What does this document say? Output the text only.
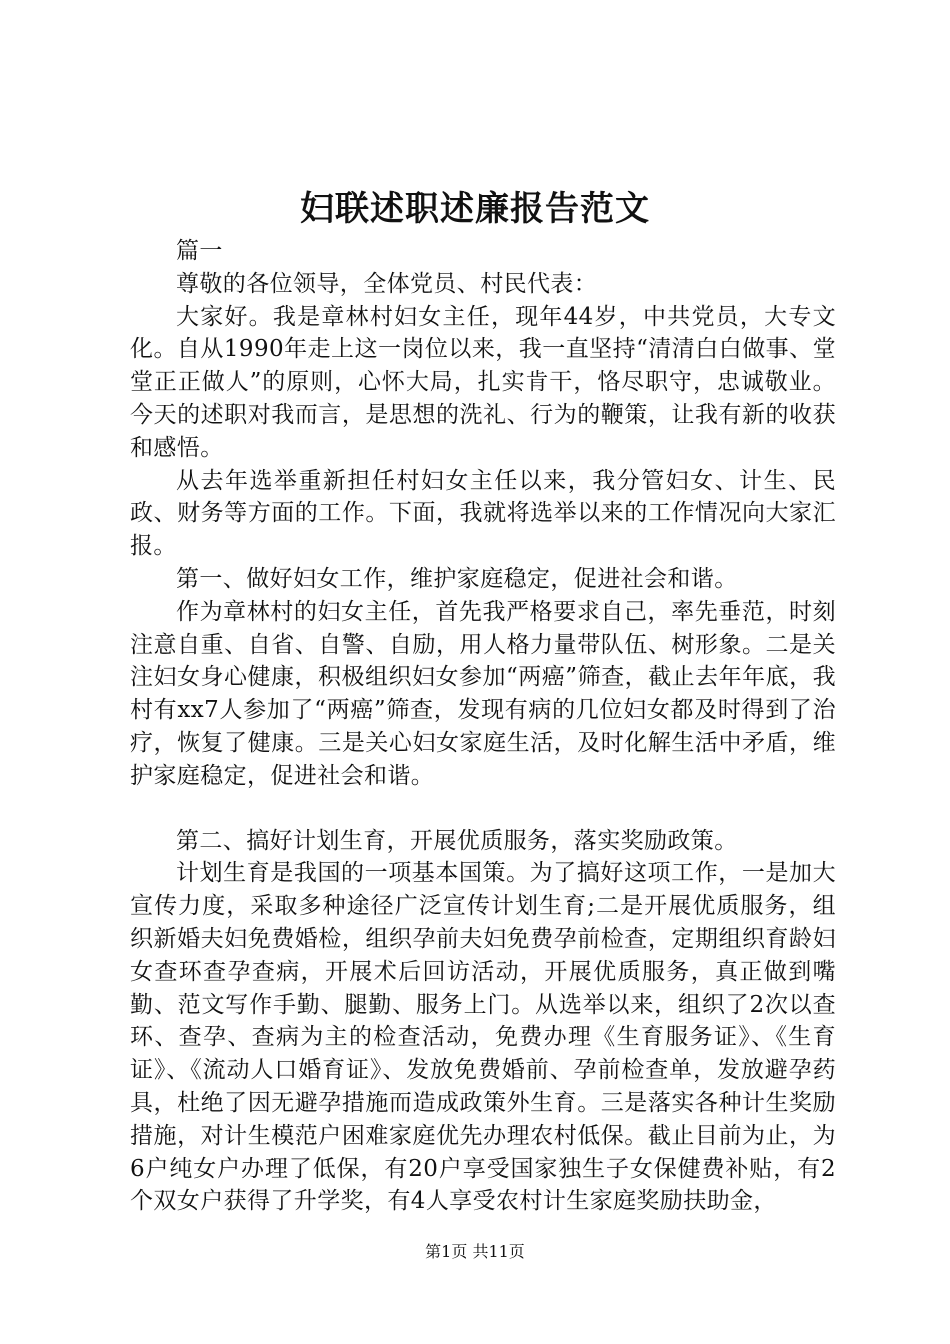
妇联述职述廉报告范文

篇一

尊敬的各位领导，全体党员、村民代表：

大家好。我是章林村妇女主任，现年44岁，中共党员，大专文化。自从1990年走上这一岗位以来，我一直坚持“清清白白做事、堂堂正正做人”的原则，心怀大局，扎实肯干，恪尽职守，忠诚敬业。今天的述职对我而言，是思想的洗礼、行为的鞭策，让我有新的收获和感悟。

从去年选举重新担任村妇女主任以来，我分管妇女、计生、民政、财务等方面的工作。下面，我就将选举以来的工作情况向大家汇报。

第一、做好妇女工作，维护家庭稳定，促进社会和谐。

作为章林村的妇女主任，首先我严格要求自己，率先垂范，时刻注意自重、自省、自警、自励，用人格力量带队伍、树形象。二是关注妇女身心健康，积极组织妇女参加“两癌”筛查，截止去年年底，我村有xx7人参加了“两癌”筛查，发现有病的几位妇女都及时得到了治疗，恢复了健康。三是关心妇女家庭生活，及时化解生活中矛盾，维护家庭稳定，促进社会和谐。

第二、搞好计划生育，开展优质服务，落实奖励政策。

计划生育是我国的一项基本国策。为了搞好这项工作，一是加大宣传力度，采取多种途径广泛宣传计划生育;二是开展优质服务，组织新婚夫妇免费婚检，组织孕前夫妇免费孕前检查，定期组织育龄妇女查环查孕查病，开展术后回访活动，开展优质服务，真正做到嘴勤、范文写作手勤、腿勤、服务上门。从选举以来，组织了2次以查环、查孕、查病为主的检查活动，免费办理《生育服务证》、《生育证》、《流动人口婚育证》、发放免费婚前、孕前检查单，发放避孕药具，杜绝了因无避孕措施而造成政策外生育。三是落实各种计生奖励措施，对计生模范户困难家庭优先办理农村低保。截止目前为止，为6户纯女户办理了低保，有20户享受国家独生子女保健费补贴，有2个双女户获得了升学奖，有4人享受农村计生家庭奖励扶助金，

第1页 共11页
